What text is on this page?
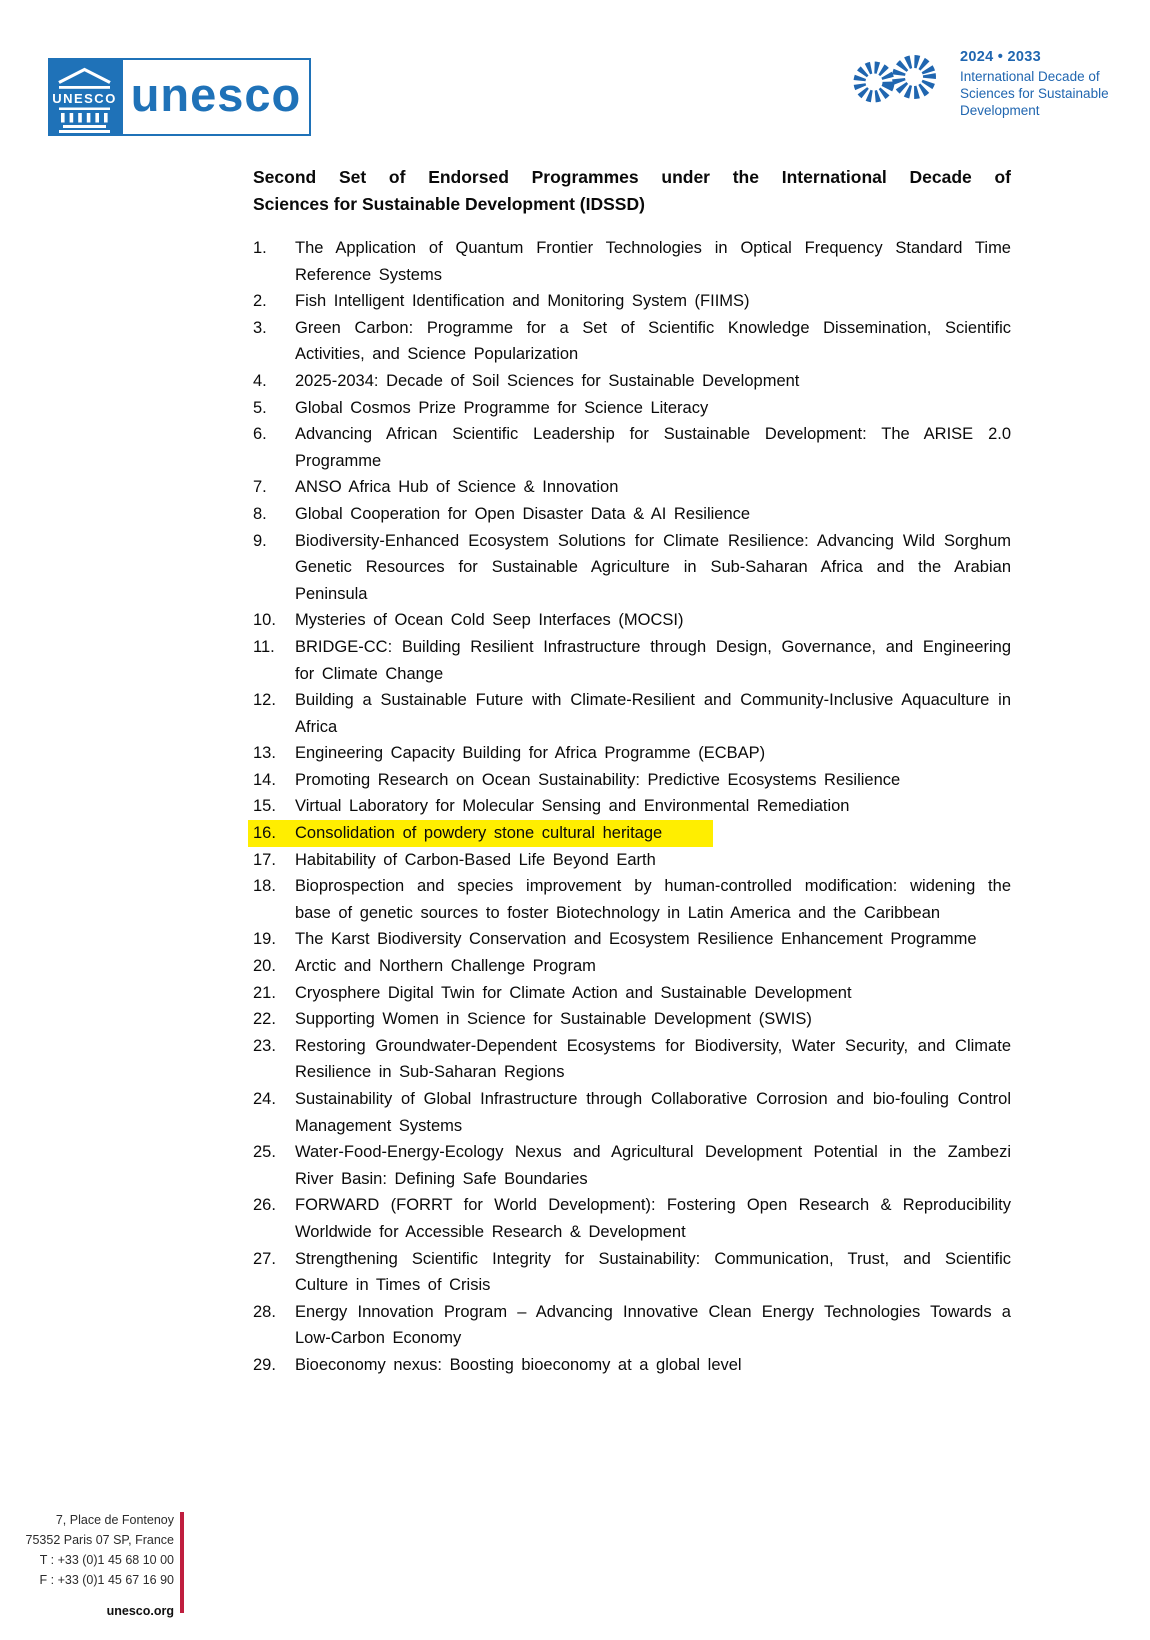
UNESCO unesco
2024 • 2033
International Decade of
Sciences for Sustainable
Development
Second Set of Endorsed Programmes under the International Decade of
Sciences for Sustainable Development (IDSSD)
1.	The Application of Quantum Frontier Technologies in Optical Frequency Standard Time Reference Systems
2.	Fish Intelligent Identification and Monitoring System (FIIMS)
3.	Green Carbon: Programme for a Set of Scientific Knowledge Dissemination, Scientific Activities, and Science Popularization
4.	2025-2034: Decade of Soil Sciences for Sustainable Development
5.	Global Cosmos Prize Programme for Science Literacy
6.	Advancing African Scientific Leadership for Sustainable Development: The ARISE 2.0 Programme
7.	ANSO Africa Hub of Science & Innovation
8.	Global Cooperation for Open Disaster Data & AI Resilience
9.	Biodiversity-Enhanced Ecosystem Solutions for Climate Resilience: Advancing Wild Sorghum Genetic Resources for Sustainable Agriculture in Sub-Saharan Africa and the Arabian Peninsula
10.	Mysteries of Ocean Cold Seep Interfaces (MOCSI)
11.	BRIDGE-CC: Building Resilient Infrastructure through Design, Governance, and Engineering for Climate Change
12.	Building a Sustainable Future with Climate-Resilient and Community-Inclusive Aquaculture in Africa
13.	Engineering Capacity Building for Africa Programme (ECBAP)
14.	Promoting Research on Ocean Sustainability: Predictive Ecosystems Resilience
15.	Virtual Laboratory for Molecular Sensing and Environmental Remediation
16.	Consolidation of powdery stone cultural heritage
17.	Habitability of Carbon-Based Life Beyond Earth
18.	Bioprospection and species improvement by human-controlled modification: widening the base of genetic sources to foster Biotechnology in Latin America and the Caribbean
19.	The Karst Biodiversity Conservation and Ecosystem Resilience Enhancement Programme
20.	Arctic and Northern Challenge Program
21.	Cryosphere Digital Twin for Climate Action and Sustainable Development
22.	Supporting Women in Science for Sustainable Development (SWIS)
23.	Restoring Groundwater-Dependent Ecosystems for Biodiversity, Water Security, and Climate Resilience in Sub-Saharan Regions
24.	Sustainability of Global Infrastructure through Collaborative Corrosion and bio-fouling Control Management Systems
25.	Water-Food-Energy-Ecology Nexus and Agricultural Development Potential in the Zambezi River Basin: Defining Safe Boundaries
26.	FORWARD (FORRT for World Development): Fostering Open Research & Reproducibility Worldwide for Accessible Research & Development
27.	Strengthening Scientific Integrity for Sustainability: Communication, Trust, and Scientific Culture in Times of Crisis
28.	Energy Innovation Program – Advancing Innovative Clean Energy Technologies Towards a Low-Carbon Economy
29.	Bioeconomy nexus: Boosting bioeconomy at a global level
7, Place de Fontenoy
75352 Paris 07 SP, France
T : +33 (0)1 45 68 10 00
F : +33 (0)1 45 67 16 90
unesco.org
